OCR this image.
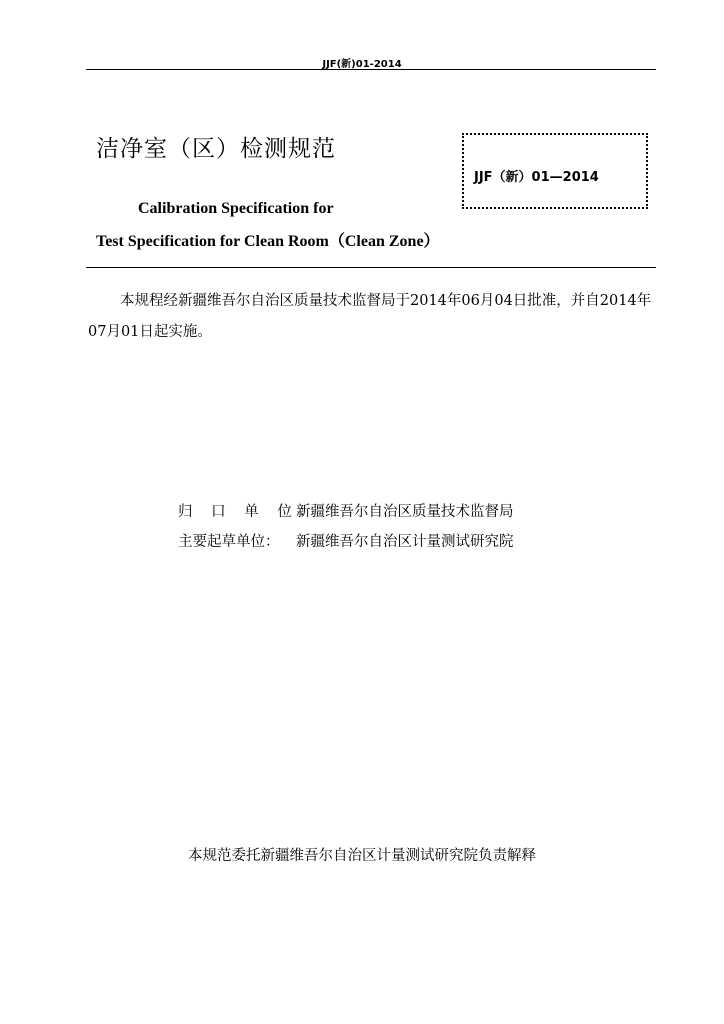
JJF(新)01-2014
洁净室（区）检测规范
JJF（新）01—2014
Calibration Specification for
Test Specification for Clean Room（Clean Zone）
本规程经新疆维吾尔自治区质量技术监督局于2014年06月04日批准，并自2014年07月01日起实施。
归 口 单 位：新疆维吾尔自治区质量技术监督局
主要起草单位： 新疆维吾尔自治区计量测试研究院
本规范委托新疆维吾尔自治区计量测试研究院负责解释
